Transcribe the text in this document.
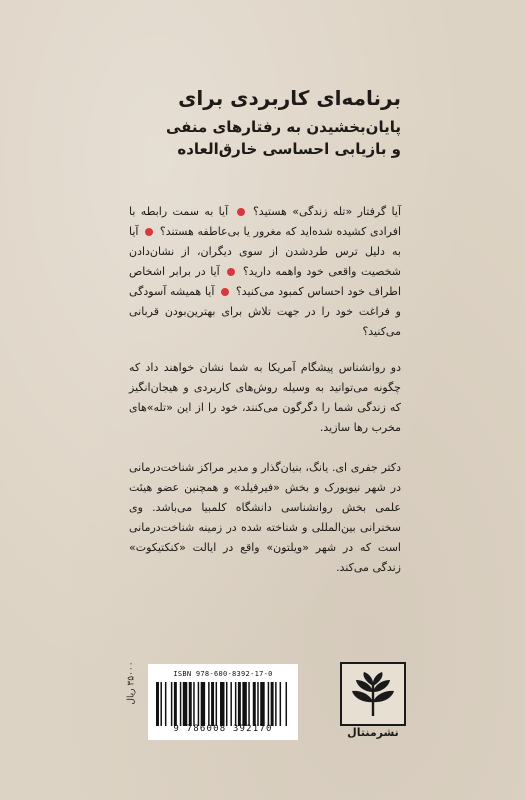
برنامه‌ای کاربردی برای

پایان‌بخشیدن به رفتارهای منفی

و بازیابی احساسی خارق‌العاده

آیا گرفتار «تله زندگی» هستید؟  آیا به سمت رابطه با افرادی کشیده شده‌اید که مغرور یا بی‌عاطفه هستند؟  آیا به دلیل ترس طردشدن از سوی دیگران، از نشان‌دادن شخصیت واقعی خود واهمه دارید؟  آیا در برابر اشخاص اطراف خود احساس کمبود می‌کنید؟  آیا همیشه آسودگی و فراغت خود را در جهت تلاش برای بهترین‌بودن قربانی می‌کنید؟

دو روانشناس پیشگام آمریکا به شما نشان خواهند داد که چگونه می‌توانید به وسیله روش‌های کاربردی و هیجان‌انگیز که زندگی شما را دگرگون می‌کنند، خود را از این «تله»های مخرب رها سازید.

دکتر جفری ای. یانگ، بنیان‌گذار و مدیر مراکز شناخت‌درمانی در شهر نیویورک و بخش «فیرفیلد» و همچنین عضو هیئت علمی بخش روانشناسی دانشگاه کلمبیا می‌باشد. وی سخنرانی بین‌المللی و شناخته شده در زمینه شناخت‌درمانی است که در شهر «ویلتون» واقع در ایالت «کنکتیکوت» زندگی می‌کند.

۳۵۰۰۰ ریال	ISBN 978-600-8392-17-0
9 786008 392170	نشرمنتال
